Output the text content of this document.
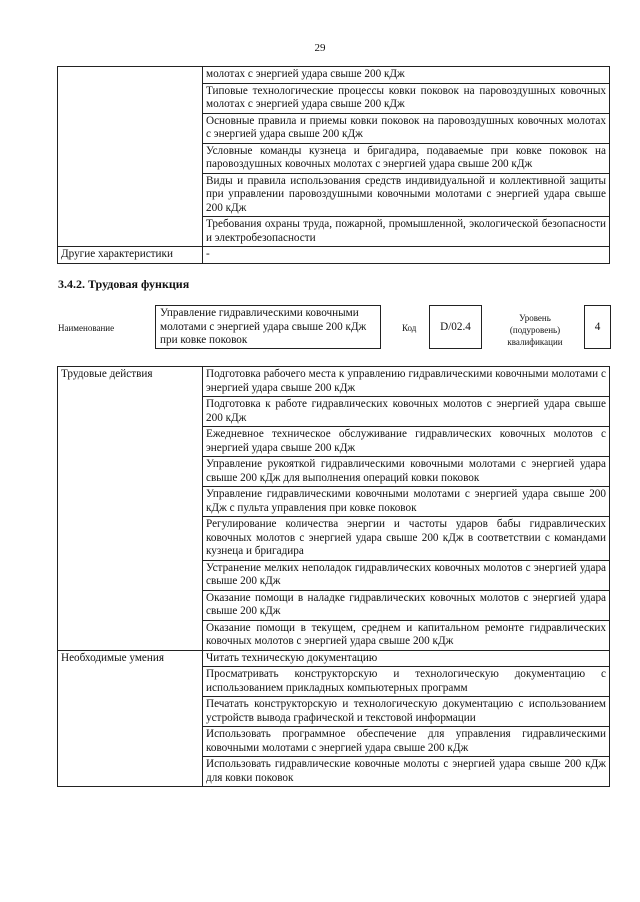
29
	молотах с энергией удара свыше 200 кДж
	Типовые технологические процессы ковки поковок на паровоздушных ковочных молотах с энергией удара свыше 200 кДж
	Основные правила и приемы ковки поковок на паровоздушных ковочных молотах с энергией удара свыше 200 кДж
	Условные команды кузнеца и бригадира, подаваемые при ковке поковок на паровоздушных ковочных молотах с энергией удара свыше 200 кДж
	Виды и правила использования средств индивидуальной и коллективной защиты при управлении паровоздушными ковочными молотами с энергией удара свыше 200 кДж
	Требования охраны труда, пожарной, промышленной, экологической безопасности и электробезопасности
Другие характеристики	-
3.4.2. Трудовая функция
Наименование
Управление гидравлическими ковочными молотами с энергией удара свыше 200 кДж при ковке поковок
Код	D/02.4
Уровень (подуровень) квалификации
4
Трудовые действия	Подготовка рабочего места к управлению гидравлическими ковочными молотами с энергией удара свыше 200 кДж
	Подготовка к работе гидравлических ковочных молотов с энергией удара свыше 200 кДж
	Ежедневное техническое обслуживание гидравлических ковочных молотов с энергией удара свыше 200 кДж
	Управление рукояткой гидравлическими ковочными молотами с энергией удара свыше 200 кДж для выполнения операций ковки поковок
	Управление гидравлическими ковочными молотами с энергией удара свыше 200 кДж с пульта управления при ковке поковок
	Регулирование количества энергии и частоты ударов бабы гидравлических ковочных молотов с энергией удара свыше 200 кДж в соответствии с командами кузнеца и бригадира
	Устранение мелких неполадок гидравлических ковочных молотов с энергией удара свыше 200 кДж
	Оказание помощи в наладке гидравлических ковочных молотов с энергией удара свыше 200 кДж
	Оказание помощи в текущем, среднем и капитальном ремонте гидравлических ковочных молотов с энергией удара свыше 200 кДж
Необходимые умения	Читать техническую документацию
	Просматривать конструкторскую и технологическую документацию с использованием прикладных компьютерных программ
	Печатать конструкторскую и технологическую документацию с использованием устройств вывода графической и текстовой информации
	Использовать программное обеспечение для управления гидравлическими ковочными молотами с энергией удара свыше 200 кДж
	Использовать гидравлические ковочные молоты с энергией удара свыше 200 кДж для ковки поковок
